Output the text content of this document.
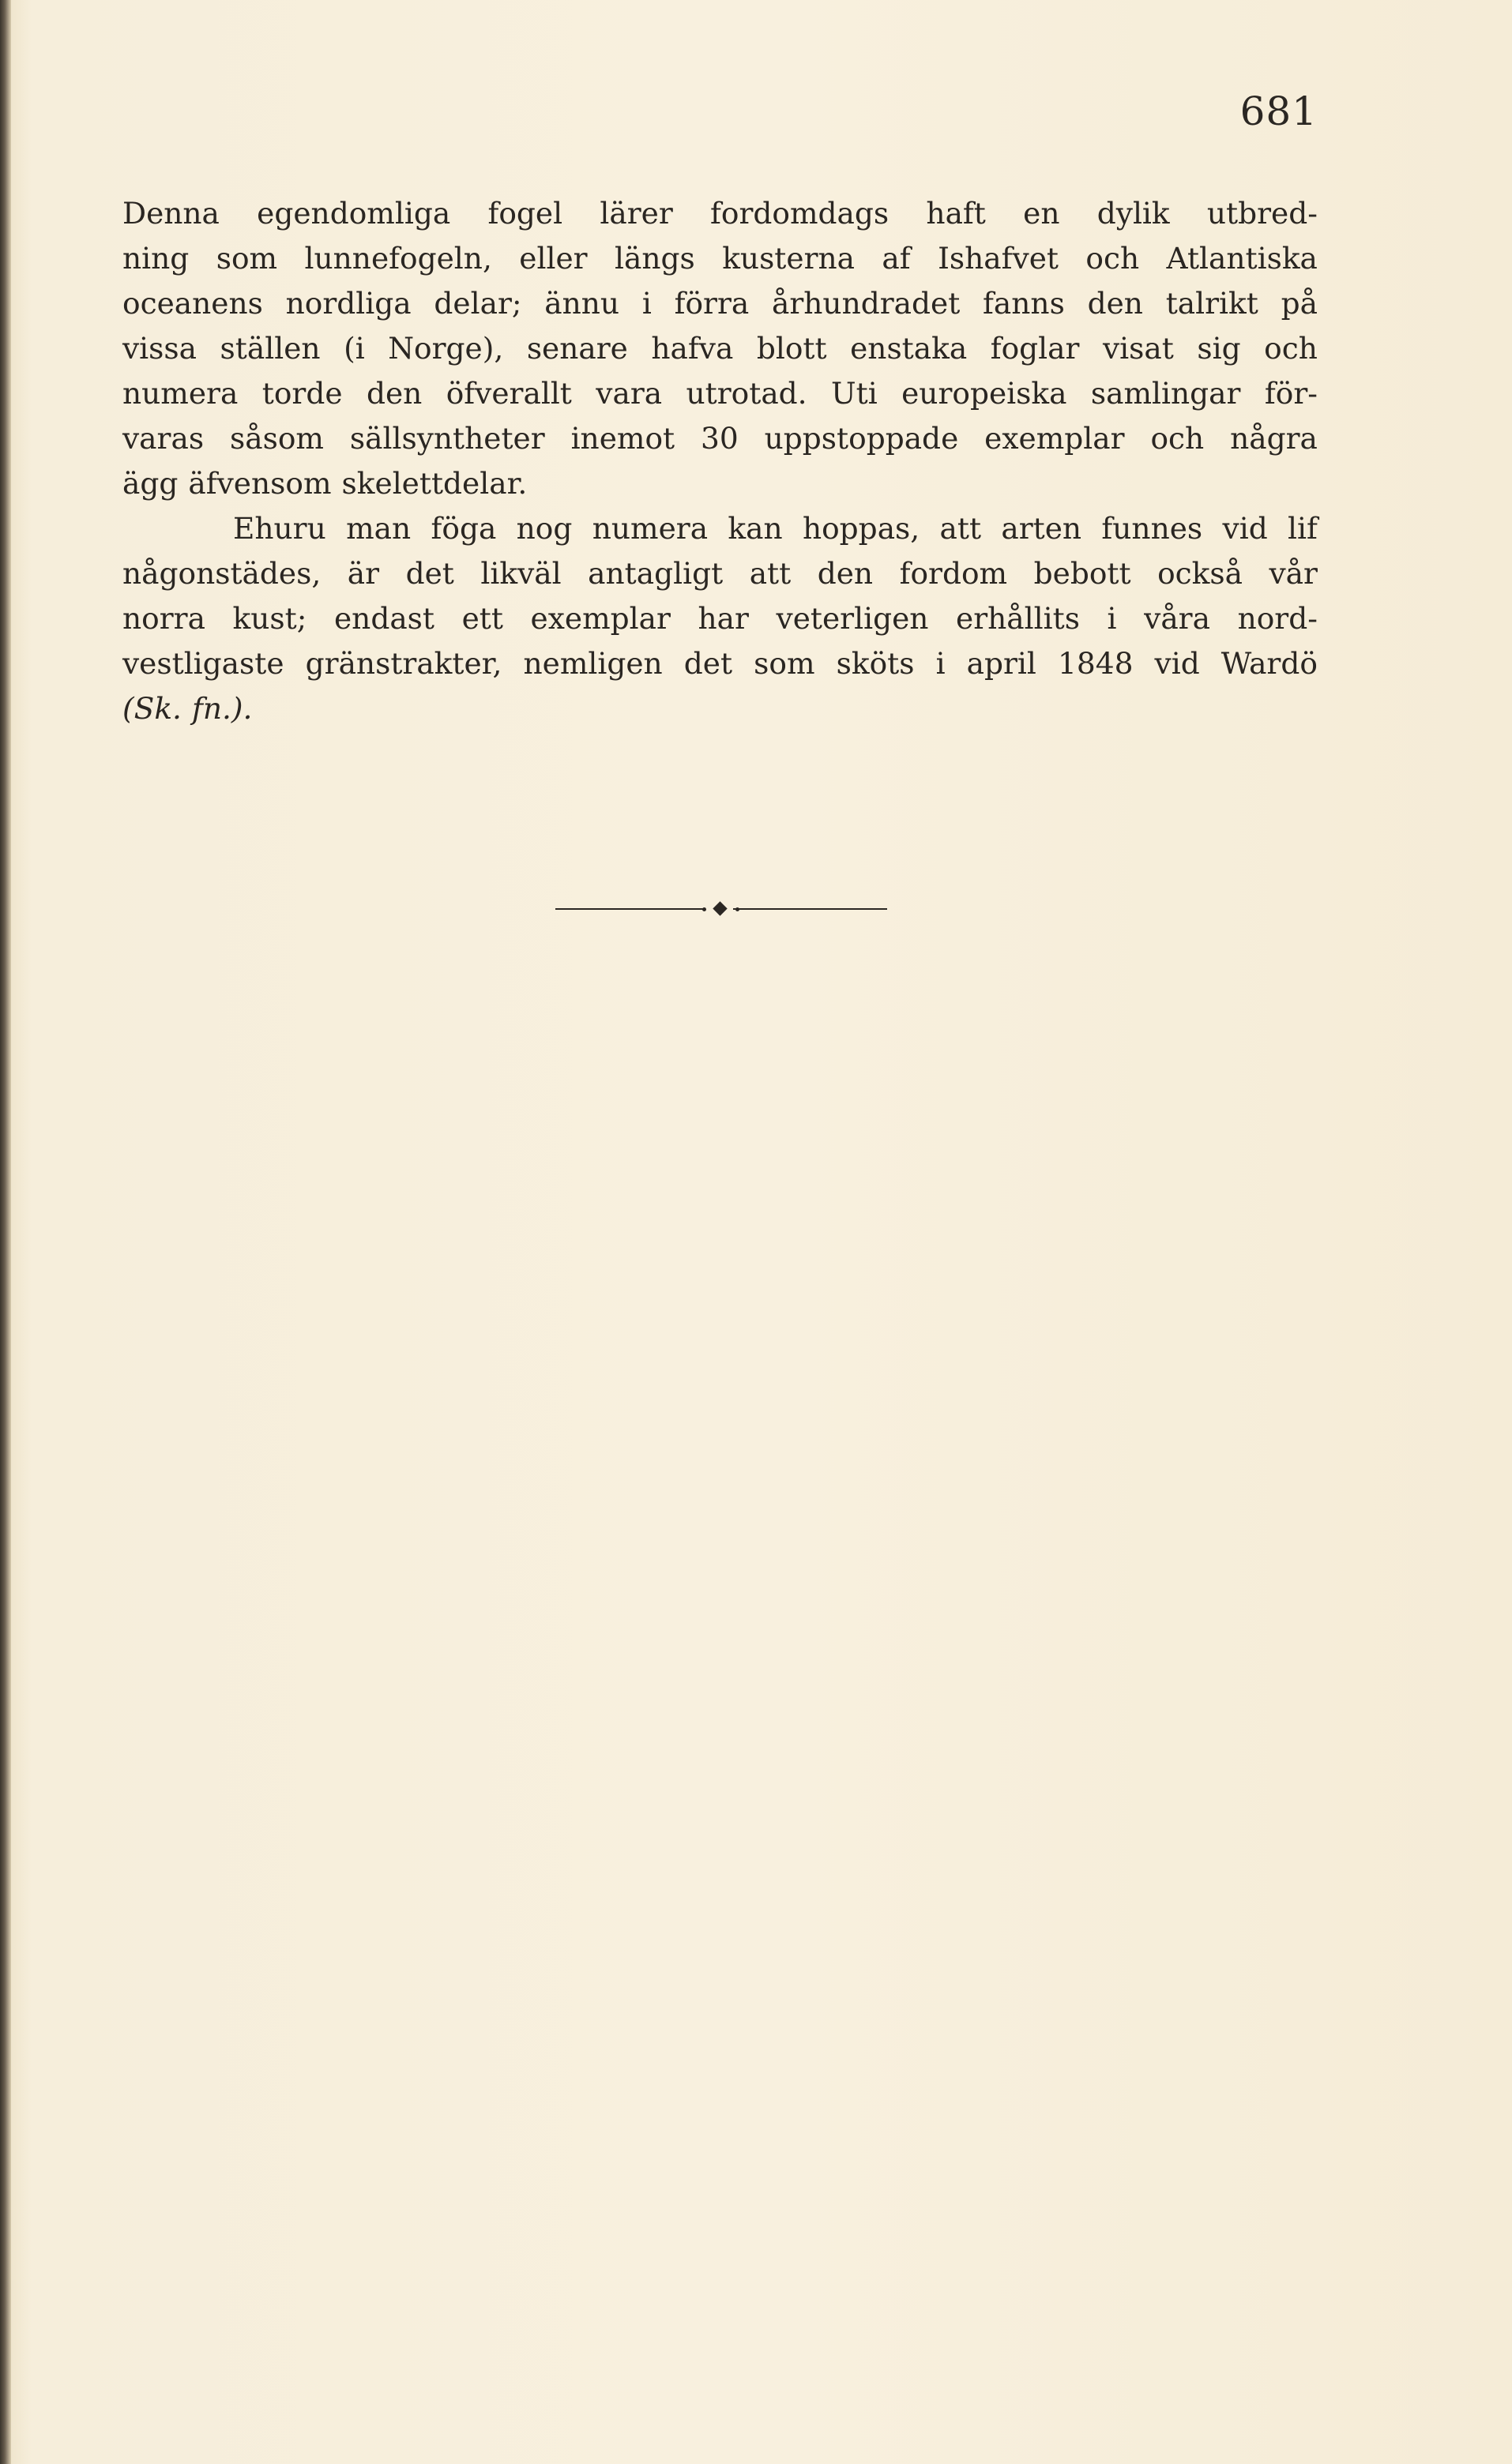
681
Denna egendomliga fogel lärer fordomdags haft en dylik utbred-
ning som lunnefogeln, eller längs kusterna af Ishafvet och Atlantiska
oceanens nordliga delar; ännu i förra århundradet fanns den talrikt på
vissa ställen (i Norge), senare hafva blott enstaka foglar visat sig och
numera torde den öfverallt vara utrotad. Uti europeiska samlingar för-
varas såsom sällsyntheter inemot 30 uppstoppade exemplar och några
ägg äfvensom skelettdelar.
Ehuru man föga nog numera kan hoppas, att arten funnes vid lif
någonstädes, är det likväl antagligt att den fordom bebott också vår
norra kust; endast ett exemplar har veterligen erhållits i våra nord-
vestligaste gränstrakter, nemligen det som sköts i april 1848 vid Wardö
(Sk. fn.).
